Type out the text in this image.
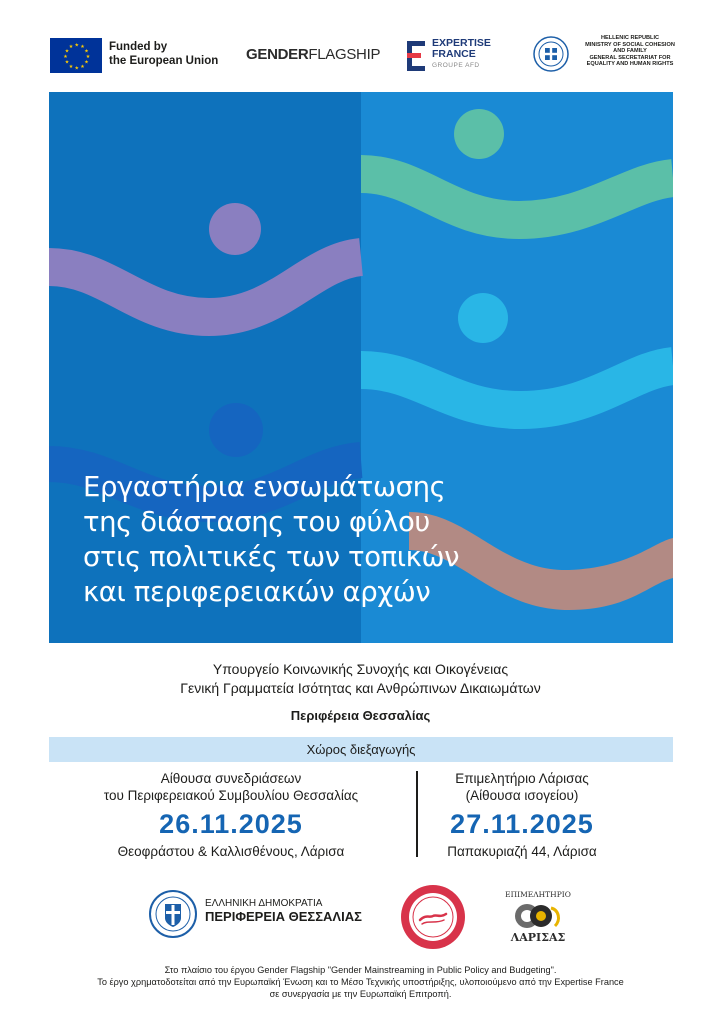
★ ★
★
★
★
★
★
★
★
★
★
★	Funded by
the European Union	GENDERFLAGSHIP
EXPERTISE
FRANCE
GROUPE AFD
HELLENIC REPUBLIC
MINISTRY OF SOCIAL COHESION
AND FAMILY
GENERAL SECRETARIAT FOR
EQUALITY AND HUMAN RIGHTS
Εργαστήρια ενσωμάτωσης
της διάστασης του φύλου
στις πολιτικές των τοπικών
και περιφερειακών αρχών
Υπουργείο Κοινωνικής Συνοχής και Οικογένειας
Γενική Γραμματεία Ισότητας και Ανθρώπινων Δικαιωμάτων
Περιφέρεια Θεσσαλίας
Χώρος διεξαγωγής
Αίθουσα συνεδριάσεων
του Περιφερειακού Συμβουλίου Θεσσαλίας
26.11.2025
Θεοφράστου & Καλλισθένους, Λάρισα
Επιμελητήριο Λάρισας
(Αίθουσα ισογείου)
27.11.2025
Παπακυριαζή 44, Λάρισα
ΕΛΛΗΝΙΚΗ ΔΗΜΟΚΡΑΤΙΑ
ΠΕΡΙΦΕΡΕΙΑ ΘΕΣΣΑΛΙΑΣ
ΕΠΙΜΕΛΗΤΗΡΙΟ
ΛΑΡΙΣΑΣ
Στο πλαίσιο του έργου Gender Flagship "Gender Mainstreaming in Public Policy and Budgeting".
Το έργο χρηματοδοτείται από την Ευρωπαϊκή Ένωση και το Μέσο Τεχνικής υποστήριξης, υλοποιούμενο από την Expertise France
σε συνεργασία με την Ευρωπαϊκή Επιτροπή.
